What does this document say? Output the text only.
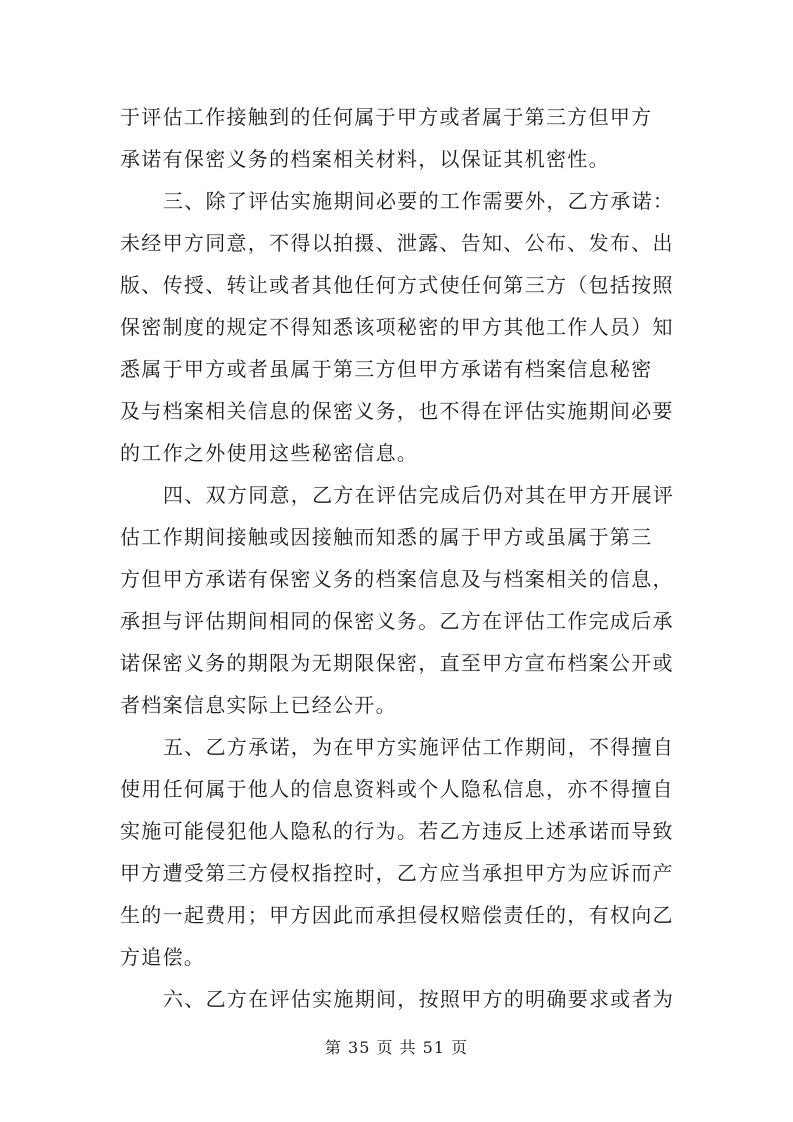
于评估工作接触到的任何属于甲方或者属于第三方但甲方
承诺有保密义务的档案相关材料，以保证其机密性。
三、除了评估实施期间必要的工作需要外，乙方承诺：
未经甲方同意，不得以拍摄、泄露、告知、公布、发布、出
版、传授、转让或者其他任何方式使任何第三方（包括按照
保密制度的规定不得知悉该项秘密的甲方其他工作人员）知
悉属于甲方或者虽属于第三方但甲方承诺有档案信息秘密
及与档案相关信息的保密义务，也不得在评估实施期间必要
的工作之外使用这些秘密信息。
四、双方同意，乙方在评估完成后仍对其在甲方开展评
估工作期间接触或因接触而知悉的属于甲方或虽属于第三
方但甲方承诺有保密义务的档案信息及与档案相关的信息，
承担与评估期间相同的保密义务。乙方在评估工作完成后承
诺保密义务的期限为无期限保密，直至甲方宣布档案公开或
者档案信息实际上已经公开。
五、乙方承诺，为在甲方实施评估工作期间，不得擅自
使用任何属于他人的信息资料或个人隐私信息，亦不得擅自
实施可能侵犯他人隐私的行为。若乙方违反上述承诺而导致
甲方遭受第三方侵权指控时，乙方应当承担甲方为应诉而产
生的一起费用；甲方因此而承担侵权赔偿责任的，有权向乙
方追偿。
六、乙方在评估实施期间，按照甲方的明确要求或者为
第 35 页 共 51 页
